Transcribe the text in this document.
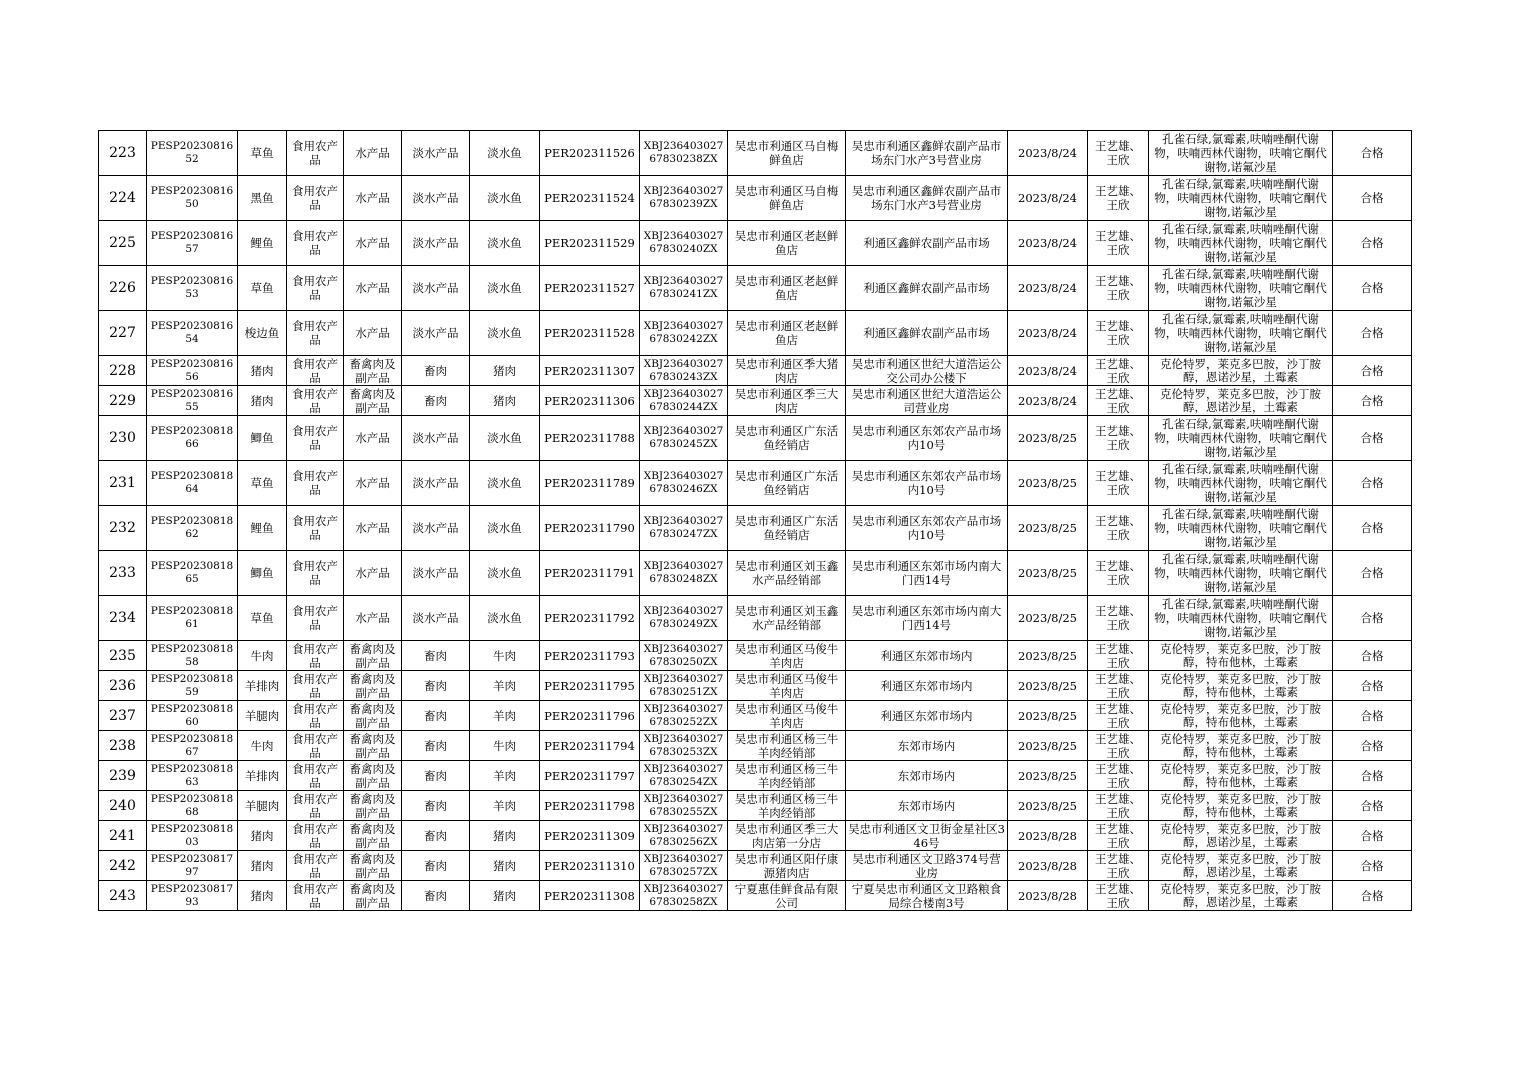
223	PESP20230816 52	草鱼	食用农产品	水产品	淡水产品	淡水鱼	PER202311526	XBJ236403027 67830238ZX	吴忠市利通区马自梅鲜鱼店	吴忠市利通区鑫鲜农副产品市场东门水产3号营业房	2023/8/24	王艺雄、王欣	孔雀石绿,氯霉素,呋喃唑酮代谢物，呋喃西林代谢物，呋喃它酮代谢物,诺氟沙星	合格
224	PESP20230816 50	黑鱼	食用农产品	水产品	淡水产品	淡水鱼	PER202311524	XBJ236403027 67830239ZX	吴忠市利通区马自梅鲜鱼店	吴忠市利通区鑫鲜农副产品市场东门水产3号营业房	2023/8/24	王艺雄、王欣	孔雀石绿,氯霉素,呋喃唑酮代谢物，呋喃西林代谢物，呋喃它酮代谢物,诺氟沙星	合格
225	PESP20230816 57	鲤鱼	食用农产品	水产品	淡水产品	淡水鱼	PER202311529	XBJ236403027 67830240ZX	吴忠市利通区老赵鲜鱼店	利通区鑫鲜农副产品市场	2023/8/24	王艺雄、王欣	孔雀石绿,氯霉素,呋喃唑酮代谢物，呋喃西林代谢物，呋喃它酮代谢物,诺氟沙星	合格
226	PESP20230816 53	草鱼	食用农产品	水产品	淡水产品	淡水鱼	PER202311527	XBJ236403027 67830241ZX	吴忠市利通区老赵鲜鱼店	利通区鑫鲜农副产品市场	2023/8/24	王艺雄、王欣	孔雀石绿,氯霉素,呋喃唑酮代谢物，呋喃西林代谢物，呋喃它酮代谢物,诺氟沙星	合格
227	PESP20230816 54	梭边鱼	食用农产品	水产品	淡水产品	淡水鱼	PER202311528	XBJ236403027 67830242ZX	吴忠市利通区老赵鲜鱼店	利通区鑫鲜农副产品市场	2023/8/24	王艺雄、王欣	孔雀石绿,氯霉素,呋喃唑酮代谢物，呋喃西林代谢物，呋喃它酮代谢物,诺氟沙星	合格
228	PESP20230816 56	猪肉	食用农产品	畜禽肉及副产品	畜肉	猪肉	PER202311307	XBJ236403027 67830243ZX	吴忠市利通区季大猪肉店	吴忠市利通区世纪大道浩运公交公司办公楼下	2023/8/24	王艺雄、王欣	克伦特罗，莱克多巴胺，沙丁胺醇，恩诺沙星，土霉素	合格
229	PESP20230816 55	猪肉	食用农产品	畜禽肉及副产品	畜肉	猪肉	PER202311306	XBJ236403027 67830244ZX	吴忠市利通区季三大肉店	吴忠市利通区世纪大道浩运公司营业房	2023/8/24	王艺雄、王欣	克伦特罗，莱克多巴胺，沙丁胺醇，恩诺沙星，土霉素	合格
230	PESP20230818 66	鲫鱼	食用农产品	水产品	淡水产品	淡水鱼	PER202311788	XBJ236403027 67830245ZX	吴忠市利通区广东活鱼经销店	吴忠市利通区东郊农产品市场内10号	2023/8/25	王艺雄、王欣	孔雀石绿,氯霉素,呋喃唑酮代谢物，呋喃西林代谢物，呋喃它酮代谢物,诺氟沙星	合格
231	PESP20230818 64	草鱼	食用农产品	水产品	淡水产品	淡水鱼	PER202311789	XBJ236403027 67830246ZX	吴忠市利通区广东活鱼经销店	吴忠市利通区东郊农产品市场内10号	2023/8/25	王艺雄、王欣	孔雀石绿,氯霉素,呋喃唑酮代谢物，呋喃西林代谢物，呋喃它酮代谢物,诺氟沙星	合格
232	PESP20230818 62	鲤鱼	食用农产品	水产品	淡水产品	淡水鱼	PER202311790	XBJ236403027 67830247ZX	吴忠市利通区广东活鱼经销店	吴忠市利通区东郊农产品市场内10号	2023/8/25	王艺雄、王欣	孔雀石绿,氯霉素,呋喃唑酮代谢物，呋喃西林代谢物，呋喃它酮代谢物,诺氟沙星	合格
233	PESP20230818 65	鲫鱼	食用农产品	水产品	淡水产品	淡水鱼	PER202311791	XBJ236403027 67830248ZX	吴忠市利通区刘玉鑫水产品经销部	吴忠市利通区东郊市场内南大门西14号	2023/8/25	王艺雄、王欣	孔雀石绿,氯霉素,呋喃唑酮代谢物，呋喃西林代谢物，呋喃它酮代谢物,诺氟沙星	合格
234	PESP20230818 61	草鱼	食用农产品	水产品	淡水产品	淡水鱼	PER202311792	XBJ236403027 67830249ZX	吴忠市利通区刘玉鑫水产品经销部	吴忠市利通区东郊市场内南大门西14号	2023/8/25	王艺雄、王欣	孔雀石绿,氯霉素,呋喃唑酮代谢物，呋喃西林代谢物，呋喃它酮代谢物,诺氟沙星	合格
235	PESP20230818 58	牛肉	食用农产品	畜禽肉及副产品	畜肉	牛肉	PER202311793	XBJ236403027 67830250ZX	吴忠市利通区马俊牛羊肉店	利通区东郊市场内	2023/8/25	王艺雄、王欣	克伦特罗，莱克多巴胺，沙丁胺醇，特布他林，土霉素	合格
236	PESP20230818 59	羊排肉	食用农产品	畜禽肉及副产品	畜肉	羊肉	PER202311795	XBJ236403027 67830251ZX	吴忠市利通区马俊牛羊肉店	利通区东郊市场内	2023/8/25	王艺雄、王欣	克伦特罗，莱克多巴胺，沙丁胺醇，特布他林，土霉素	合格
237	PESP20230818 60	羊腿肉	食用农产品	畜禽肉及副产品	畜肉	羊肉	PER202311796	XBJ236403027 67830252ZX	吴忠市利通区马俊牛羊肉店	利通区东郊市场内	2023/8/25	王艺雄、王欣	克伦特罗，莱克多巴胺，沙丁胺醇，特布他林，土霉素	合格
238	PESP20230818 67	牛肉	食用农产品	畜禽肉及副产品	畜肉	牛肉	PER202311794	XBJ236403027 67830253ZX	吴忠市利通区杨三牛羊肉经销部	东郊市场内	2023/8/25	王艺雄、王欣	克伦特罗，莱克多巴胺，沙丁胺醇，特布他林，土霉素	合格
239	PESP20230818 63	羊排肉	食用农产品	畜禽肉及副产品	畜肉	羊肉	PER202311797	XBJ236403027 67830254ZX	吴忠市利通区杨三牛羊肉经销部	东郊市场内	2023/8/25	王艺雄、王欣	克伦特罗，莱克多巴胺，沙丁胺醇，特布他林，土霉素	合格
240	PESP20230818 68	羊腿肉	食用农产品	畜禽肉及副产品	畜肉	羊肉	PER202311798	XBJ236403027 67830255ZX	吴忠市利通区杨三牛羊肉经销部	东郊市场内	2023/8/25	王艺雄、王欣	克伦特罗，莱克多巴胺，沙丁胺醇，特布他林，土霉素	合格
241	PESP20230818 03	猪肉	食用农产品	畜禽肉及副产品	畜肉	猪肉	PER202311309	XBJ236403027 67830256ZX	吴忠市利通区季三大肉店第一分店	吴忠市利通区文卫街金星社区346号	2023/8/28	王艺雄、王欣	克伦特罗，莱克多巴胺，沙丁胺醇，恩诺沙星，土霉素	合格
242	PESP20230817 97	猪肉	食用农产品	畜禽肉及副产品	畜肉	猪肉	PER202311310	XBJ236403027 67830257ZX	吴忠市利通区阳仔康源猪肉店	吴忠市利通区文卫路374号营业房	2023/8/28	王艺雄、王欣	克伦特罗，莱克多巴胺，沙丁胺醇，恩诺沙星，土霉素	合格
243	PESP20230817 93	猪肉	食用农产品	畜禽肉及副产品	畜肉	猪肉	PER202311308	XBJ236403027 67830258ZX	宁夏惠佳鲜食品有限公司	宁夏吴忠市利通区文卫路粮食局综合楼南3号	2023/8/28	王艺雄、王欣	克伦特罗，莱克多巴胺，沙丁胺醇，恩诺沙星，土霉素	合格
